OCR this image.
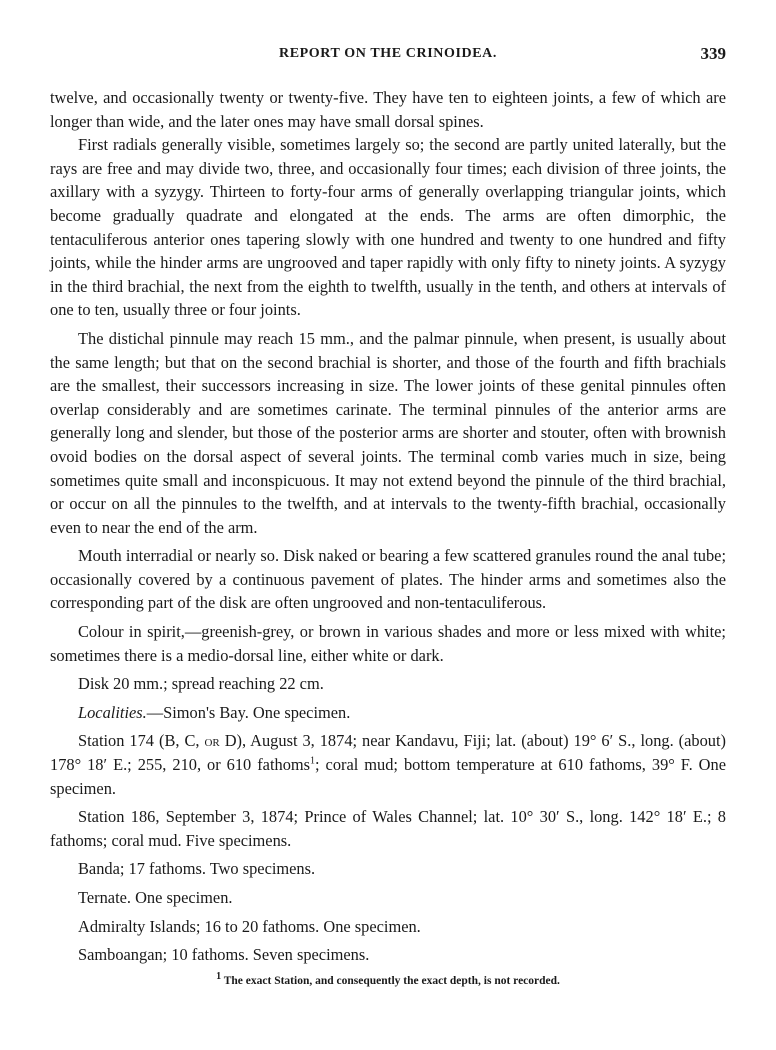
REPORT ON THE CRINOIDEA.	339

twelve, and occasionally twenty or twenty-five. They have ten to eighteen joints, a few of which are longer than wide, and the later ones may have small dorsal spines.

First radials generally visible, sometimes largely so; the second are partly united laterally, but the rays are free and may divide two, three, and occasionally four times; each division of three joints, the axillary with a syzygy. Thirteen to forty-four arms of generally overlapping triangular joints, which become gradually quadrate and elongated at the ends. The arms are often dimorphic, the tentaculiferous anterior ones tapering slowly with one hundred and twenty to one hundred and fifty joints, while the hinder arms are ungrooved and taper rapidly with only fifty to ninety joints. A syzygy in the third brachial, the next from the eighth to twelfth, usually in the tenth, and others at intervals of one to ten, usually three or four joints.

The distichal pinnule may reach 15 mm., and the palmar pinnule, when present, is usually about the same length; but that on the second brachial is shorter, and those of the fourth and fifth brachials are the smallest, their successors increasing in size. The lower joints of these genital pinnules often overlap considerably and are sometimes carinate. The terminal pinnules of the anterior arms are generally long and slender, but those of the posterior arms are shorter and stouter, often with brownish ovoid bodies on the dorsal aspect of several joints. The terminal comb varies much in size, being sometimes quite small and inconspicuous. It may not extend beyond the pinnule of the third brachial, or occur on all the pinnules to the twelfth, and at intervals to the twenty-fifth brachial, occasionally even to near the end of the arm.

Mouth interradial or nearly so. Disk naked or bearing a few scattered granules round the anal tube; occasionally covered by a continuous pavement of plates. The hinder arms and sometimes also the corresponding part of the disk are often ungrooved and non-tentaculiferous.

Colour in spirit,—greenish-grey, or brown in various shades and more or less mixed with white; sometimes there is a medio-dorsal line, either white or dark.

Disk 20 mm.; spread reaching 22 cm.

Localities.—Simon's Bay. One specimen.

Station 174 (B, C, or D), August 3, 1874; near Kandavu, Fiji; lat. (about) 19° 6′ S., long. (about) 178° 18′ E.; 255, 210, or 610 fathoms$^1$; coral mud; bottom temperature at 610 fathoms, 39° F. One specimen.

Station 186, September 3, 1874; Prince of Wales Channel; lat. 10° 30′ S., long. 142° 18′ E.; 8 fathoms; coral mud. Five specimens.

Banda; 17 fathoms. Two specimens.

Ternate. One specimen.

Admiralty Islands; 16 to 20 fathoms. One specimen.

Samboangan; 10 fathoms. Seven specimens.

$^1$ The exact Station, and consequently the exact depth, is not recorded.
